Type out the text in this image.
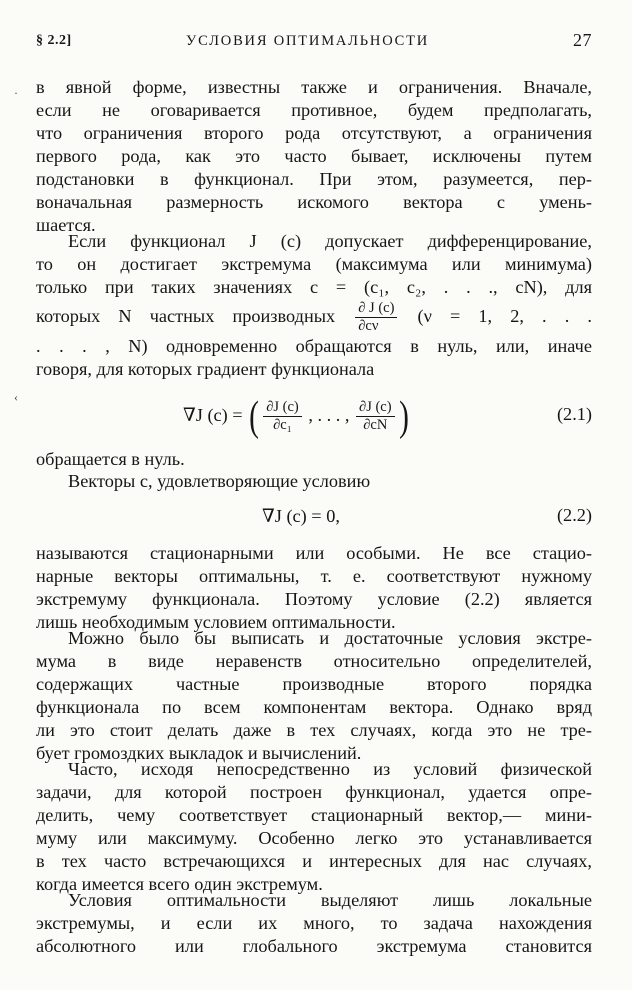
§ 2.2]	УСЛОВИЯ ОПТИМАЛЬНОСТИ	27
·
‹
в явной форме, известны также и ограничения. Вначале,
если не оговаривается противное, будем предполагать,
что ограничения второго рода отсутствуют, а ограничения
первого рода, как это часто бывает, исключены путем
подстановки в функционал. При этом, разумеется, пер-
воначальная размерность искомого вектора c умень-
шается.
Если функционал J (c) допускает дифференцирование,
то он достигает экстремума (максимума или минимума)
только при таких значениях c = (c₁, c₂, . . ., cN), для
которых N частных производных $\frac{\partial J (c)}{\partial c\nu} (\nu = 1$, 2, . . .
. . . , N) одновременно обращаются в нуль, или, иначе
говоря, для которых градиент функционала
∇J (c) = ( $\frac{\partial J (c)}{\text{∂c₁}}$ , . . . , $\frac{\partial J (c)}{\partial cN}$ )	(2.1)
обращается в нуль.
Векторы c, удовлетворяющие условию
∇J (c) = 0,	(2.2)
называются стационарными или особыми. Не все стацио-
нарные векторы оптимальны, т. е. соответствуют нужному
экстремуму функционала. Поэтому условие (2.2) является
лишь необходимым условием оптимальности.
Можно было бы выписать и достаточные условия экстре-
мума в виде неравенств относительно определителей,
содержащих частные производные второго порядка
функционала по всем компонентам вектора. Однако вряд
ли это стоит делать даже в тех случаях, когда это не тре-
бует громоздких выкладок и вычислений.
Часто, исходя непосредственно из условий физической
задачи, для которой построен функционал, удается опре-
делить, чему соответствует стационарный вектор,— мини-
муму или максимуму. Особенно легко это устанавливается
в тех часто встречающихся и интересных для нас случаях,
когда имеется всего один экстремум.
Условия оптимальности выделяют лишь локальные
экстремумы, и если их много, то задача нахождения
абсолютного или глобального экстремума становится
